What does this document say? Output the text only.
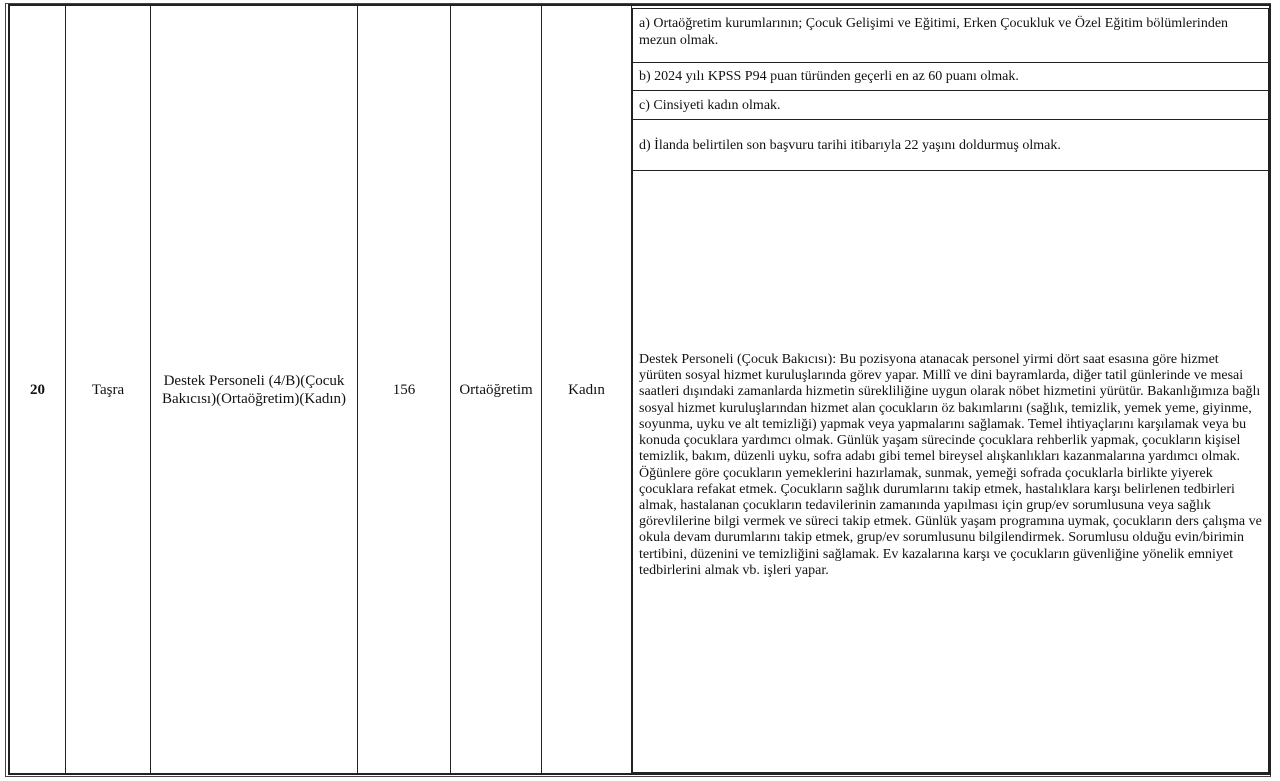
20	Taşra
Destek Personeli (4/B)(Çocuk Bakıcısı)(Ortaöğretim)(Kadın)
156	Ortaöğretim Kadın
a) Ortaöğretim kurumlarının; Çocuk Gelişimi ve Eğitimi, Erken Çocukluk ve Özel Eğitim bölümlerinden mezun olmak.
b) 2024 yılı KPSS P94 puan türünden geçerli en az 60 puanı olmak.
c) Cinsiyeti kadın olmak.
d) İlanda belirtilen son başvuru tarihi itibarıyla 22 yaşını doldurmuş olmak.

Destek Personeli (Çocuk Bakıcısı): Bu pozisyona atanacak personel yirmi dört saat esasına göre hizmet yürüten sosyal hizmet kuruluşlarında görev yapar. Millî ve dini bayramlarda, diğer tatil günlerinde ve mesai saatleri dışındaki zamanlarda hizmetin sürekliliğine uygun olarak nöbet hizmetini yürütür. Bakanlığımıza bağlı sosyal hizmet kuruluşlarından hizmet alan çocukların öz bakımlarını (sağlık, temizlik, yemek yeme, giyinme, soyunma, uyku ve alt temizliği) yapmak veya yapmalarını sağlamak. Temel ihtiyaçlarını karşılamak veya bu konuda çocuklara yardımcı olmak. Günlük yaşam sürecinde çocuklara rehberlik yapmak, çocukların kişisel temizlik, bakım, düzenli uyku, sofra adabı gibi temel bireysel alışkanlıkları kazanmalarına yardımcı olmak. Öğünlere göre çocukların yemeklerini hazırlamak, sunmak, yemeği sofrada çocuklarla birlikte yiyerek çocuklara refakat etmek. Çocukların sağlık durumlarını takip etmek, hastalıklara karşı belirlenen tedbirleri almak, hastalanan çocukların tedavilerinin zamanında yapılması için grup/ev sorumlusuna veya sağlık görevlilerine bilgi vermek ve süreci takip etmek. Günlük yaşam programına uymak, çocukların ders çalışma ve okula devam durumlarını takip etmek, grup/ev sorumlusunu bilgilendirmek. Sorumlusu olduğu evin/birimin tertibini, düzenini ve temizliğini sağlamak. Ev kazalarına karşı ve çocukların güvenliğine yönelik emniyet tedbirlerini almak vb. işleri yapar.
